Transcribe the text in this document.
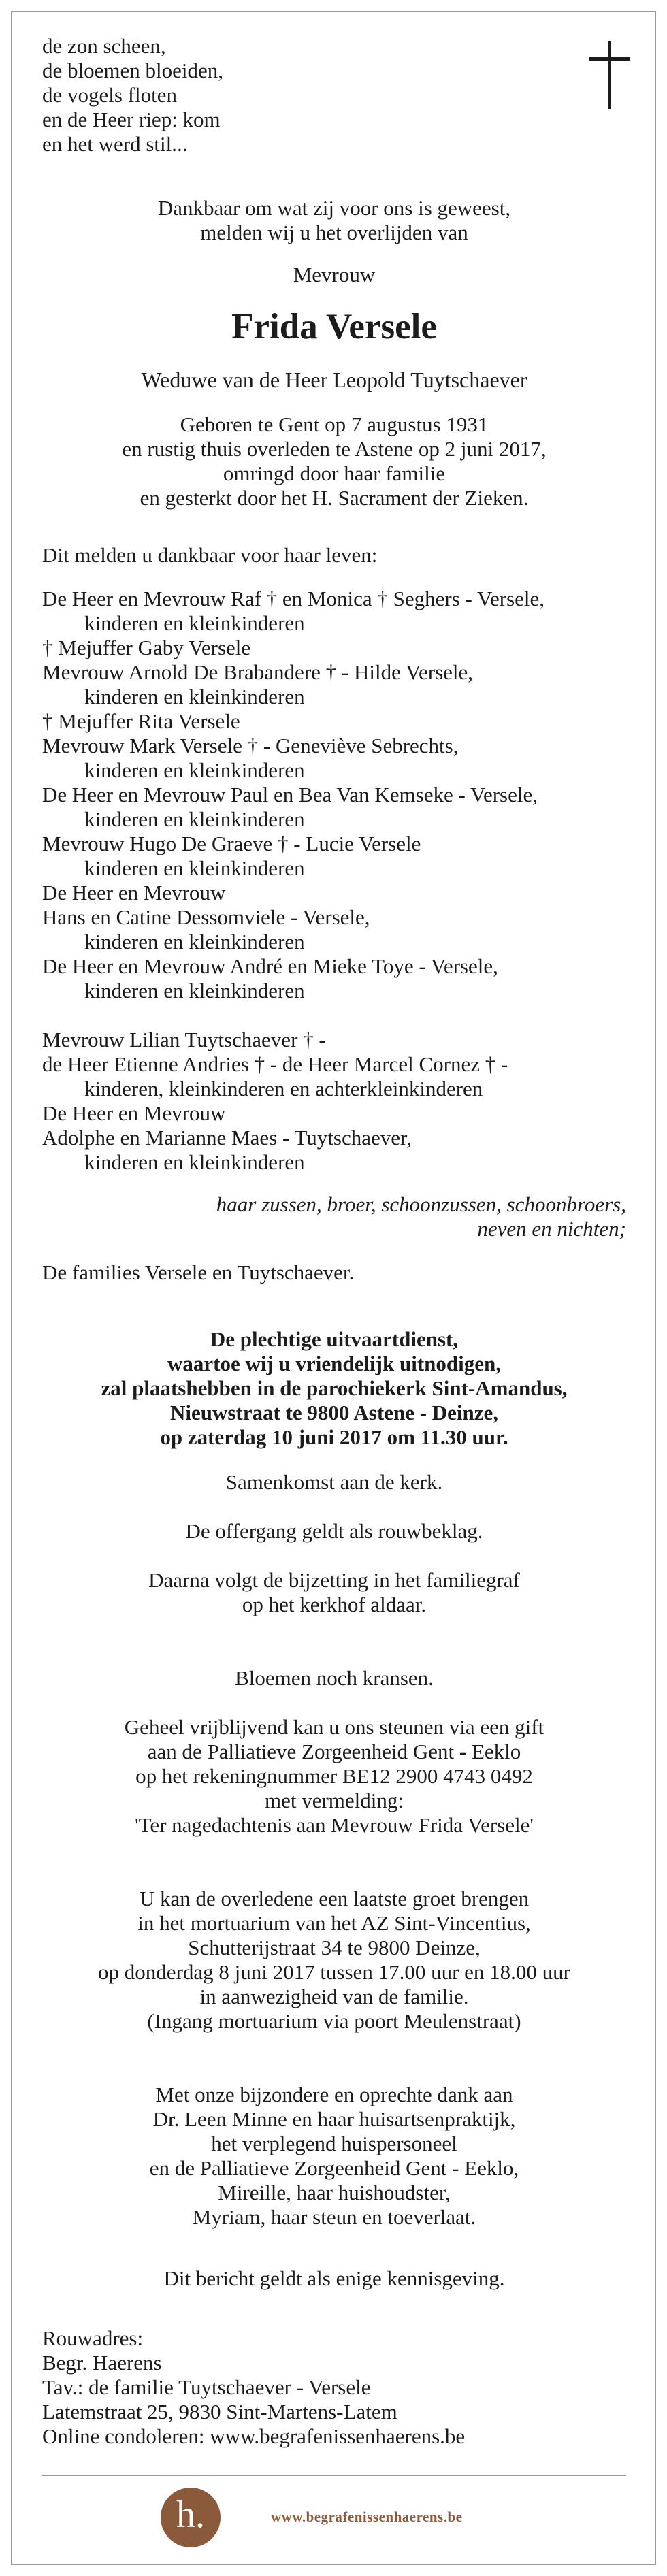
de zon scheen,
de bloemen bloeiden,
de vogels floten
en de Heer riep: kom
en het werd stil...
Dankbaar om wat zij voor ons is geweest,
melden wij u het overlijden van
Mevrouw
Frida Versele
Weduwe van de Heer Leopold Tuytschaever
Geboren te Gent op 7 augustus 1931
en rustig thuis overleden te Astene op 2 juni 2017,
omringd door haar familie
en gesterkt door het H. Sacrament der Zieken.
Dit melden u dankbaar voor haar leven:
De Heer en Mevrouw Raf † en Monica † Seghers - Versele,
kinderen en kleinkinderen
† Mejuffer Gaby Versele
Mevrouw Arnold De Brabandere † - Hilde Versele,
kinderen en kleinkinderen
† Mejuffer Rita Versele
Mevrouw Mark Versele † - Geneviève Sebrechts,
kinderen en kleinkinderen
De Heer en Mevrouw Paul en Bea Van Kemseke - Versele,
kinderen en kleinkinderen
Mevrouw Hugo De Graeve † - Lucie Versele
kinderen en kleinkinderen
De Heer en Mevrouw
Hans en Catine Dessomviele - Versele,
kinderen en kleinkinderen
De Heer en Mevrouw André en Mieke Toye - Versele,
kinderen en kleinkinderen
Mevrouw Lilian Tuytschaever † -
de Heer Etienne Andries † - de Heer Marcel Cornez † -
kinderen, kleinkinderen en achterkleinkinderen
De Heer en Mevrouw
Adolphe en Marianne Maes - Tuytschaever,
kinderen en kleinkinderen
haar zussen, broer, schoonzussen, schoonbroers,
neven en nichten;
De families Versele en Tuytschaever.
De plechtige uitvaartdienst,
waartoe wij u vriendelijk uitnodigen,
zal plaatshebben in de parochiekerk Sint-Amandus,
Nieuwstraat te 9800 Astene - Deinze,
op zaterdag 10 juni 2017 om 11.30 uur.
Samenkomst aan de kerk.
De offergang geldt als rouwbeklag.
Daarna volgt de bijzetting in het familiegraf
op het kerkhof aldaar.
Bloemen noch kransen.
Geheel vrijblijvend kan u ons steunen via een gift
aan de Palliatieve Zorgeenheid Gent - Eeklo
op het rekeningnummer BE12 2900 4743 0492
met vermelding:
'Ter nagedachtenis aan Mevrouw Frida Versele'
U kan de overledene een laatste groet brengen
in het mortuarium van het AZ Sint-Vincentius,
Schutterijstraat 34 te 9800 Deinze,
op donderdag 8 juni 2017 tussen 17.00 uur en 18.00 uur
in aanwezigheid van de familie.
(Ingang mortuarium via poort Meulenstraat)
Met onze bijzondere en oprechte dank aan
Dr. Leen Minne en haar huisartsenpraktijk,
het verplegend huispersoneel
en de Palliatieve Zorgeenheid Gent - Eeklo,
Mireille, haar huishoudster,
Myriam, haar steun en toeverlaat.
Dit bericht geldt als enige kennisgeving.
Rouwadres:
Begr. Haerens
Tav.: de familie Tuytschaever - Versele
Latemstraat 25, 9830 Sint-Martens-Latem
Online condoleren: www.begrafenissenhaerens.be
h.	www.begrafenissenhaerens.be
